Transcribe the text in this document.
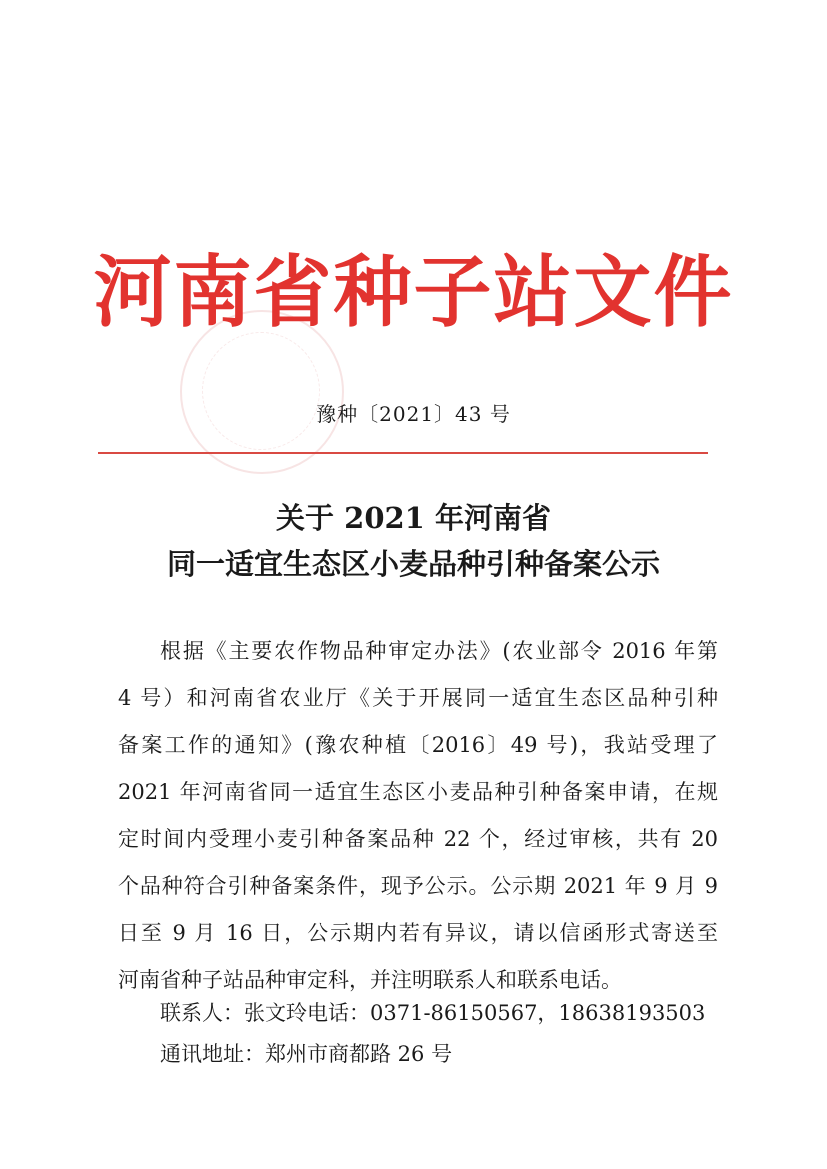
河南省种子站文件
豫种〔2021〕43 号
关于 2021 年河南省
同一适宜生态区小麦品种引种备案公示
根据《主要农作物品种审定办法》(农业部令 2016 年第
4 号）和河南省农业厅《关于开展同一适宜生态区品种引种
备案工作的通知》(豫农种植〔2016〕49 号)，我站受理了
2021 年河南省同一适宜生态区小麦品种引种备案申请，在规
定时间内受理小麦引种备案品种 22 个，经过审核，共有 20
个品种符合引种备案条件，现予公示。公示期 2021 年 9 月 9
日至 9 月 16 日，公示期内若有异议，请以信函形式寄送至
河南省种子站品种审定科，并注明联系人和联系电话。
联系人：张文玲电话：0371-86150567，18638193503
通讯地址：郑州市商都路 26 号
